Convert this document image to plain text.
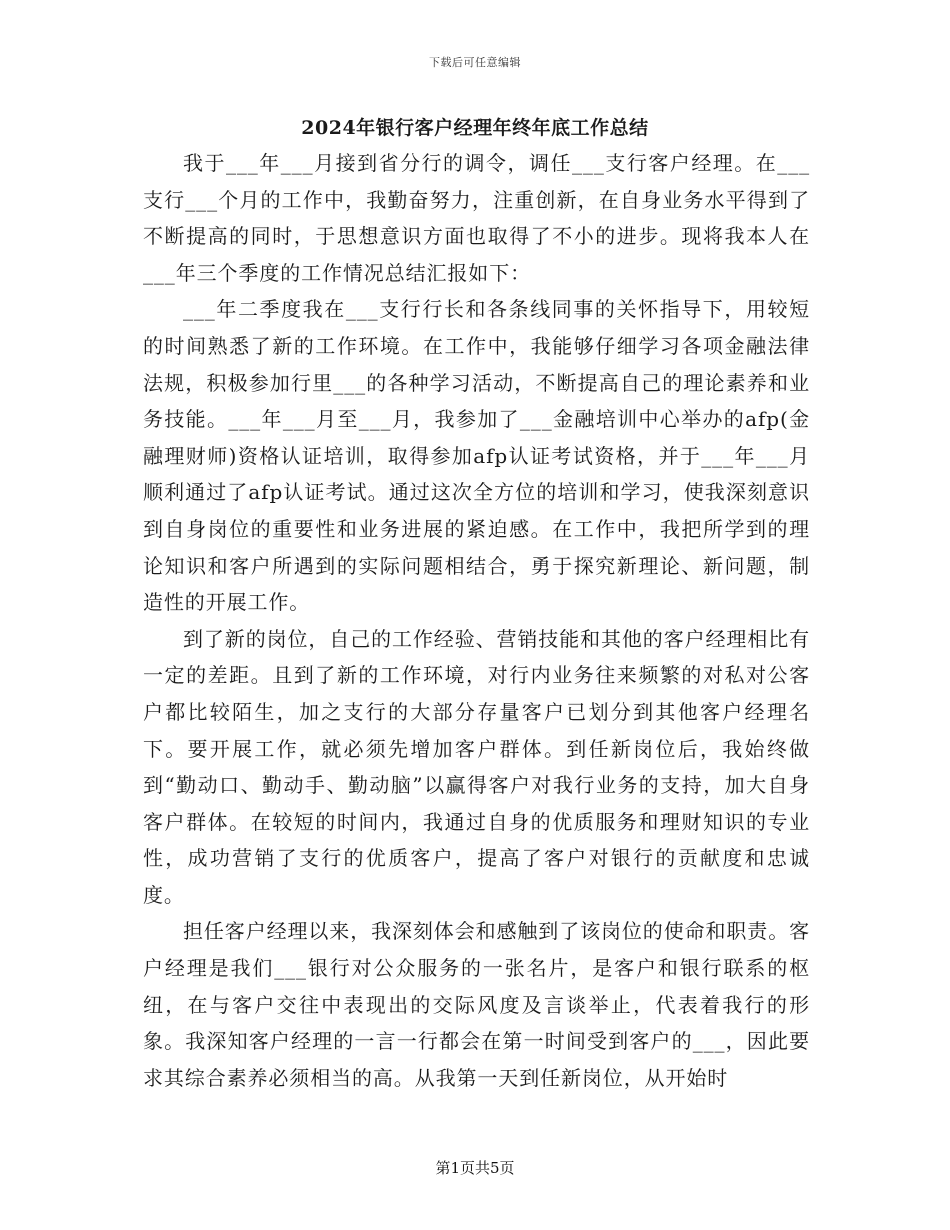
下载后可任意编辑
2024年银行客户经理年终年底工作总结

我于___年___月接到省分行的调令，调任___支行客户经理。在___支行___个月的工作中，我勤奋努力，注重创新，在自身业务水平得到了不断提高的同时，于思想意识方面也取得了不小的进步。现将我本人在___年三个季度的工作情况总结汇报如下：

___年二季度我在___支行行长和各条线同事的关怀指导下，用较短的时间熟悉了新的工作环境。在工作中，我能够仔细学习各项金融法律法规，积极参加行里___的各种学习活动，不断提高自己的理论素养和业务技能。___年___月至___月，我参加了___金融培训中心举办的afp(金融理财师)资格认证培训，取得参加afp认证考试资格，并于___年___月顺利通过了afp认证考试。通过这次全方位的培训和学习，使我深刻意识到自身岗位的重要性和业务进展的紧迫感。在工作中，我把所学到的理论知识和客户所遇到的实际问题相结合，勇于探究新理论、新问题，制造性的开展工作。

到了新的岗位，自己的工作经验、营销技能和其他的客户经理相比有一定的差距。且到了新的工作环境，对行内业务往来频繁的对私对公客户都比较陌生，加之支行的大部分存量客户已划分到其他客户经理名下。要开展工作，就必须先增加客户群体。到任新岗位后，我始终做到“勤动口、勤动手、勤动脑”以赢得客户对我行业务的支持，加大自身客户群体。在较短的时间内，我通过自身的优质服务和理财知识的专业性，成功营销了支行的优质客户，提高了客户对银行的贡献度和忠诚度。

担任客户经理以来，我深刻体会和感触到了该岗位的使命和职责。客户经理是我们___银行对公众服务的一张名片，是客户和银行联系的枢纽，在与客户交往中表现出的交际风度及言谈举止，代表着我行的形象。我深知客户经理的一言一行都会在第一时间受到客户的___，因此要求其综合素养必须相当的高。从我第一天到任新岗位，从开始时

第1页共5页
